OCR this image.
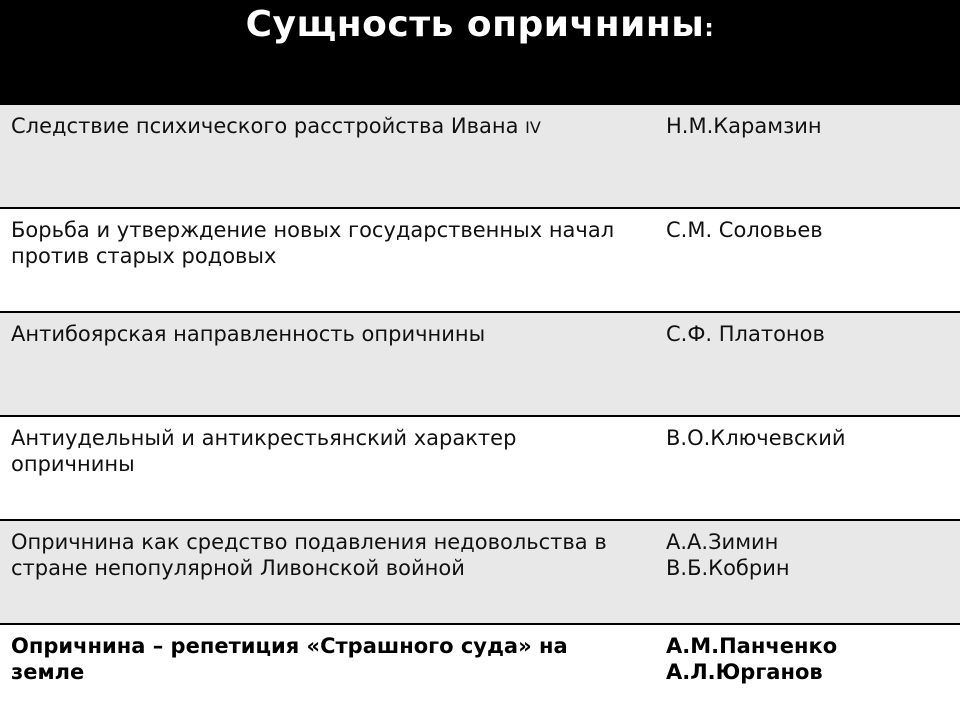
Сущность опричнины:
Следствие психического расстройства Ивана IV	Н.М.Карамзин
Борьба и утверждение новых государственных начал против старых родовых
С.М. Соловьев
Антибоярская направленность опричнины	С.Ф. Платонов
Антиудельный и антикрестьянский характер опричнины
В.О.Ключевский
Опричнина как средство подавления недовольства в стране непопулярной Ливонской войной
А.А.Зимин
В.Б.Кобрин
Опричнина – репетиция «Страшного суда» на земле
А.М.Панченко
А.Л.Юрганов
